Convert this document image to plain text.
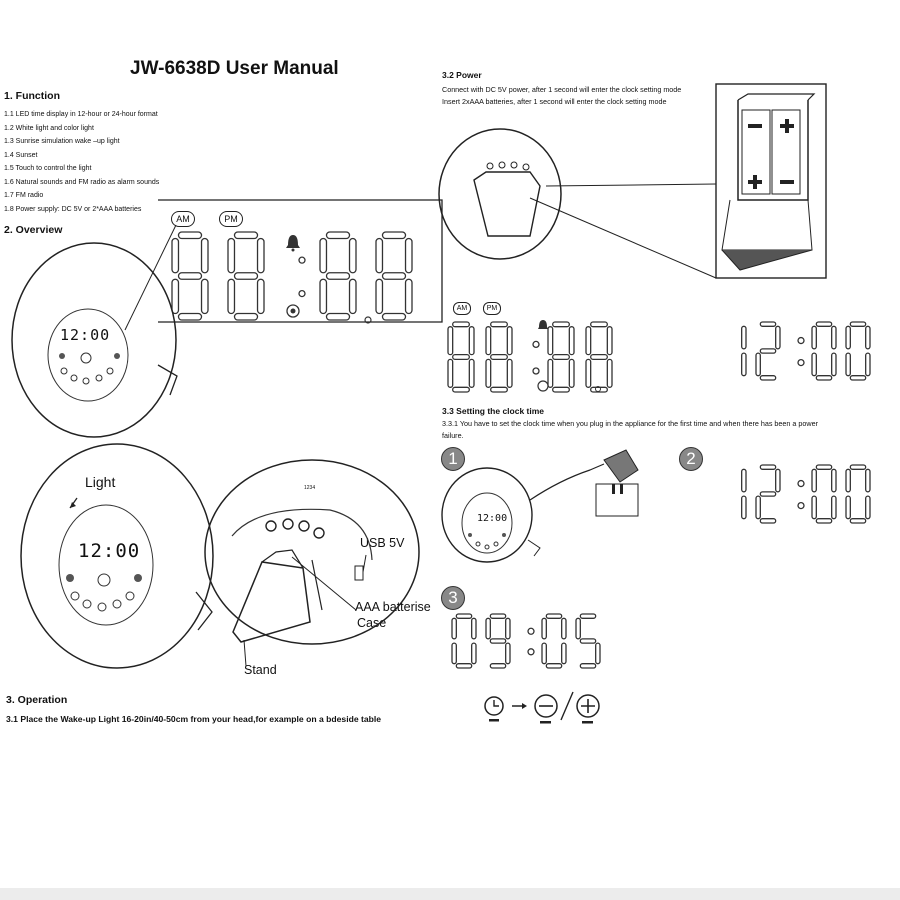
JW-6638D User Manual
1. Function
1.1 LED time display in 12-hour or 24-hour format
1.2 White light and color light
1.3 Sunrise simulation wake –up light
1.4 Sunset
1.5 Touch to control the light
1.6 Natural sounds and FM radio as alarm sounds
1.7 FM radio
1.8 Power supply: DC 5V or 2*AAA batteries
2. Overview
3. Operation
3.1 Place the Wake-up Light 16-20in/40-50cm from your head,for example on a bdeside table
3.2 Power
Connect with DC 5V power, after 1 second will enter the clock setting mode
Insert 2xAAA batteries, after 1 second will enter the clock setting mode
3.3 Setting the clock time
3.3.1 You have to set the clock time when you plug in the appliance for the first time and when there has been a power
failure.
AM	PM
AM	PM
Light
USB 5V
AAA batterise
Case
Stand
12:00
12:00
12:00
1234
1	2
3
